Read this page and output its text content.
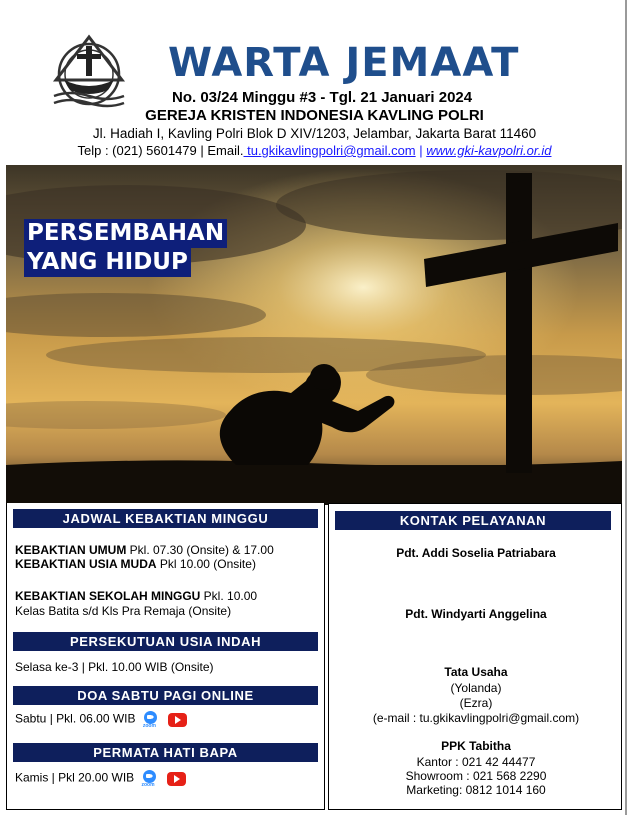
WARTA JEMAAT
No. 03/24 Minggu #3 - Tgl. 21 Januari 2024
GEREJA KRISTEN INDONESIA KAVLING POLRI
Jl. Hadiah I, Kavling Polri Blok D XIV/1203, Jelambar, Jakarta Barat 11460
Telp : (021) 5601479 | Email. tu.gkikavlingpolri@gmail.com | www.gki-kavpolri.or.id
PERSEMBAHAN
YANG HIDUP
JADWAL KEBAKTIAN MINGGU
KEBAKTIAN UMUM Pkl. 07.30 (Onsite) & 17.00
KEBAKTIAN USIA MUDA Pkl 10.00 (Onsite)
KEBAKTIAN SEKOLAH MINGGU Pkl. 10.00
Kelas Batita s/d Kls Pra Remaja (Onsite)
PERSEKUTUAN USIA INDAH
Selasa ke-3 | Pkl. 10.00 WIB (Onsite)
DOA SABTU PAGI ONLINE
Sabtu | Pkl. 06.00 WIB
zoom

PERMATA HATI BAPA
Kamis | Pkl 20.00 WIB
zoom

KONTAK PELAYANAN
Pdt. Addi Soselia Patriabara
Pdt. Windyarti Anggelina
Tata Usaha
(Yolanda)
(Ezra)
(e-mail : tu.gkikavlingpolri@gmail.com)
PPK Tabitha
Kantor : 021 42 44477
Showroom : 021 568 2290
Marketing: 0812 1014 160
